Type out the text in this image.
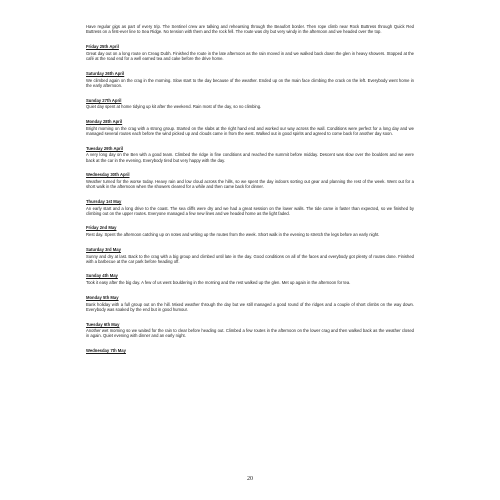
Have regular gigs as part of every trip. The Sentinel crew are talking and rehearsing through the Beaufort border. Then rope climb near Rock Buttress through Quick Red Buttress on a first-ever line to Sea Ridge. No tension with them and the rock fell. The route was dry but very windy in the afternoon and we headed over the top.

Friday 25th April

Great day out on a long route on Creag Dubh. Finished the route in the late afternoon as the rain moved in and we walked back down the glen in heavy showers. Stopped at the café at the road end for a well earned tea and cake before the drive home.

Saturday 26th April

We climbed again on the crag in the morning. Slow start to the day because of the weather. Ended up on the main face climbing the crack on the left. Everybody went home in the early afternoon.

Sunday 27th April

Quiet day spent at home tidying up kit after the weekend. Rain most of the day, so no climbing.

Monday 28th April

Bright morning on the crag with a strong group. Started on the slabs at the right hand end and worked our way across the wall. Conditions were perfect for a long day and we managed several routes each before the wind picked up and clouds came in from the west. Walked out in good spirits and agreed to come back for another day soon.

Tuesday 29th April

A very long day on the Ben with a good team. Climbed the ridge in fine conditions and reached the summit before midday. Descent was slow over the boulders and we were back at the car in the evening. Everybody tired but very happy with the day.

Wednesday 30th April

Weather turned for the worse today. Heavy rain and low cloud across the hills, so we spent the day indoors sorting out gear and planning the rest of the week. Went out for a short walk in the afternoon when the showers cleared for a while and then came back for dinner.

Thursday 1st May

An early start and a long drive to the coast. The sea cliffs were dry and we had a great session on the lower walls. The tide came in faster than expected, so we finished by climbing out on the upper routes. Everyone managed a few new lines and we headed home as the light faded.

Friday 2nd May

Rest day. Spent the afternoon catching up on notes and writing up the routes from the week. Short walk in the evening to stretch the legs before an early night.

Saturday 3rd May

Sunny and dry at last. Back to the crag with a big group and climbed until late in the day. Good conditions on all of the faces and everybody got plenty of routes done. Finished with a barbecue at the car park before heading off.

Sunday 4th May

Took it easy after the big day. A few of us went bouldering in the morning and the rest walked up the glen. Met up again in the afternoon for tea.

Monday 5th May

Bank holiday with a full group out on the hill. Mixed weather through the day but we still managed a good round of the ridges and a couple of short climbs on the way down. Everybody was soaked by the end but in good humour.

Tuesday 6th May

Another wet morning so we waited for the rain to clear before heading out. Climbed a few routes in the afternoon on the lower crag and then walked back as the weather closed in again. Quiet evening with dinner and an early night.

Wednesday 7th May
20
